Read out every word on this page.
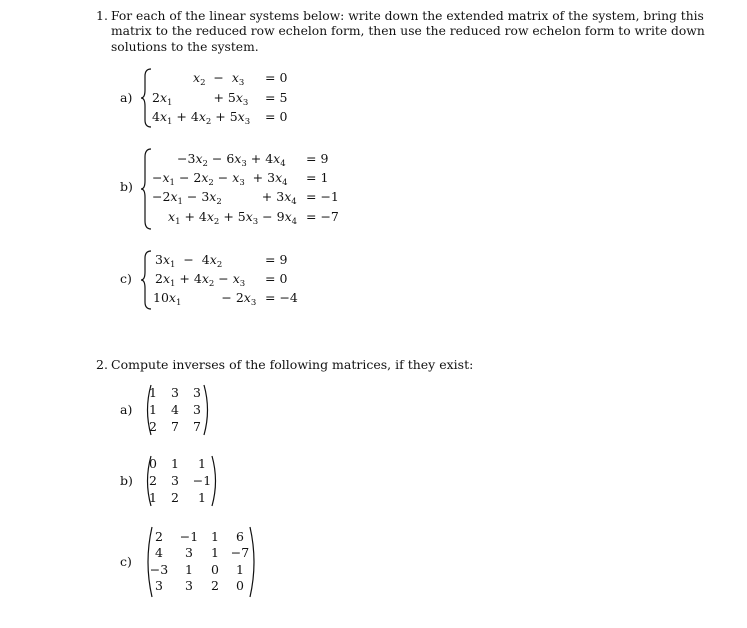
1. For each of the linear systems below: write down the extended matrix of the system, bring this
matrix to the reduced row echelon form, then use the reduced row echelon form to write down
solutions to the system.
a)
$x_2 - x_3 = 0$
$2x_1$	+ $5x_3 = 5$
$4x_1 + 4x_2 + 5x_3 = 0$
b)
$-3x_2 - 6x_3 + 4x_4 = 9$
$-x_1 - 2x_2 - x_3 + 3x_4 = 1$
$-2x_1 - 3x_2$	+ $3x_4 = -1$
$x_1 + 4x_2 + 5x_3 - 9x_4 = -7$
c)
$3x_1 - 4x_2$	= 9
$2x_1 + 4x_2 - x_3 = 0$
$10x_1$	− $2x_3 = -4$
2. Compute inverses of the following matrices, if they exist:
a)
1	3	3
1	4	3
2	7	7
b)
0	1	1
2	3	−1
1	2	1
c)
2	−1	1	6
4	3	1 −7
−3	1	0	1
3	3	2	0
